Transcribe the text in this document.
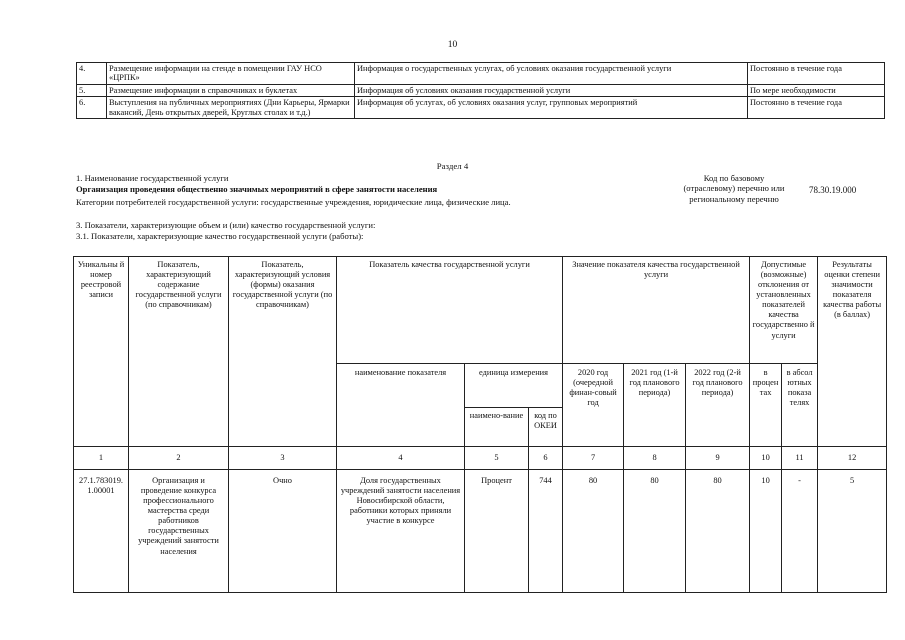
10
4.	Размещение информации на стенде в помещении ГАУ НСО «ЦРПК»	Информация о государственных услугах, об условиях оказания государственной услуги	Постоянно в течение года
5.	Размещение информации в справочниках и буклетах	Информация об условиях оказания государственной услуги	По мере необходимости
6.	Выступления на публичных мероприятиях (Дни Карьеры, Ярмарки вакансий, День открытых дверей, Круглых столах и т.д.)	Информация об услугах, об условиях оказания услуг, групповых мероприятий	Постоянно в течение года
Раздел 4
1. Наименование государственной услуги
Организация проведения общественно значимых мероприятий в сфере занятости населения
Категории потребителей государственной услуги: государственные учреждения, юридические лица, физические лица.
Код по базовому (отраслевому) перечню или региональному перечню
78.30.19.000
3. Показатели, характеризующие объем и (или) качество государственной услуги:
3.1. Показатели, характеризующие качество государственной услуги (работы):
Уникальны й номер реестровой записи	Показатель, характеризующий содержание государственной услуги (по справочникам)	Показатель, характеризующий условия (формы) оказания государственной услуги (по справочникам)	Показатель качества государственной услуги			Значение показателя качества государственной услуги			Допустимые (возможные) отклонения от установленных показателей качества государственно й услуги		Результаты оценки степени значимости показателя качества работы (в баллах)
			наименование показателя	единица измерения		2020 год (очередной финан-совый год	2021 год (1-й год планового периода)	2022 год (2-й год планового периода)	в процен тах	в абсол ютных показа телях	
				наимено-вание	код по ОКЕИ						
1	2	3	4	5	6	7	8	9	10	11	12
27.1.783019.1.00001	Организация и проведение конкурса профессионального мастерства среди работников государственных учреждений занятости населения	Очно	Доля государственных учреждений занятости населения Новосибирской области, работники которых приняли участие в конкурсе	Процент	744	80	80	80	10	-	5
